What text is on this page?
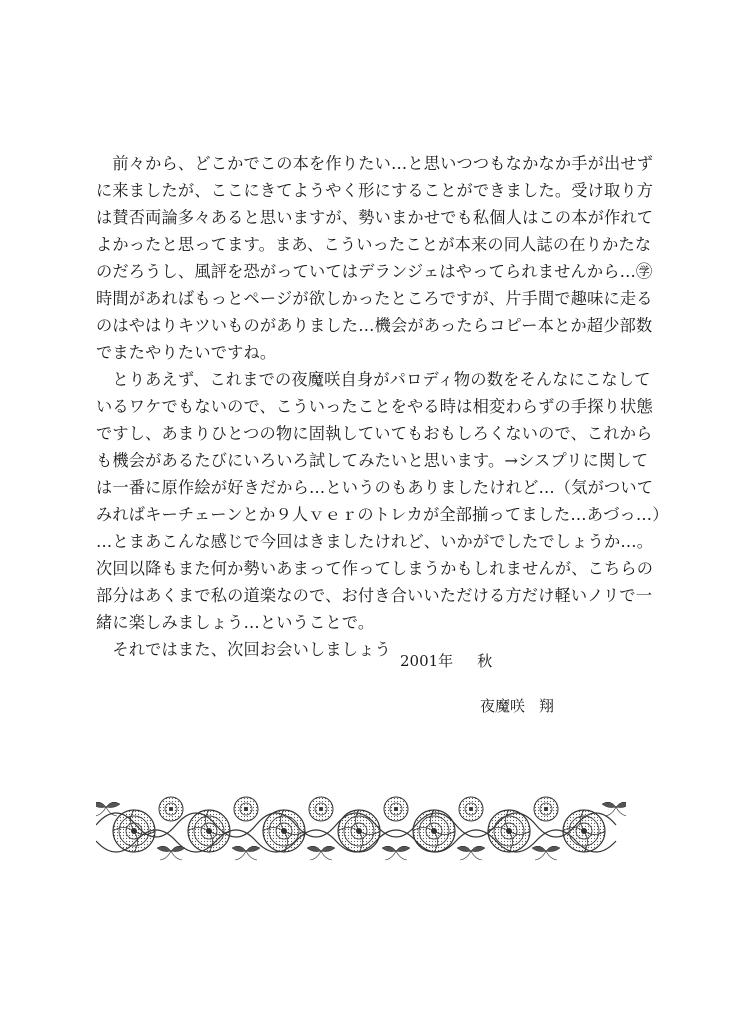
　前々から、どこかでこの本を作りたい…と思いつつもなかなか手が出せず
に来ましたが、ここにきてようやく形にすることができました。受け取り方
は賛否両論多々あると思いますが、勢いまかせでも私個人はこの本が作れて
よかったと思ってます。まあ、こういったことが本来の同人誌の在りかたな
のだろうし、風評を恐がっていてはデランジェはやってられませんから…㊫
時間があればもっとページが欲しかったところですが、片手間で趣味に走る
のはやはりキツいものがありました…機会があったらコピー本とか超少部数
でまたやりたいですね。
　とりあえず、これまでの夜魔咲自身がパロディ物の数をそんなにこなして
いるワケでもないので、こういったことをやる時は相変わらずの手探り状態
ですし、あまりひとつの物に固執していてもおもしろくないので、これから
も機会があるたびにいろいろ試してみたいと思います。→シスプリに関して
は一番に原作絵が好きだから…というのもありましたけれど…（気がついて
みればキーチェーンとか９人ｖｅｒのトレカが全部揃ってました…あづっ…）
…とまあこんな感じで今回はきましたけれど、いかがでしたでしょうか…。
次回以降もまた何か勢いあまって作ってしまうかもしれませんが、こちらの
部分はあくまで私の道楽なので、お付き合いいただける方だけ軽いノリで一
緒に楽しみましょう…ということで。
　それではまた、次回お会いしましょう
2001年 秋
夜魔咲 翔
